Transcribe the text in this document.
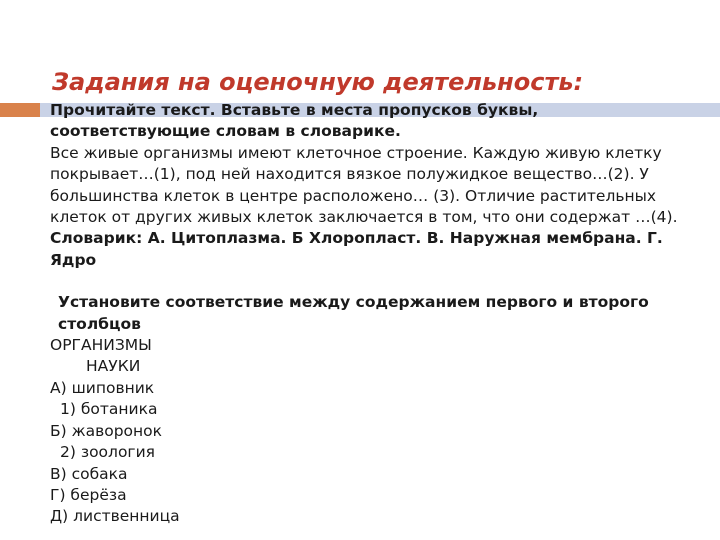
Задания на оценочную деятельность:

Прочитайте текст. Вставьте в места пропусков буквы, соответствующие словам в словарике.

Все живые организмы имеют клеточное строение. Каждую живую клетку покрывает…(1), под ней находится вязкое полужидкое вещество…(2). У большинства клеток в центре расположено… (3). Отличие растительных клеток от других живых клеток заключается в том, что они содержат …(4).

Словарик: А. Цитоплазма. Б Хлоропласт. В. Наружная мембрана. Г. Ядро

Установите соответствие между содержанием первого и второго столбцов

ОРГАНИЗМЫ

НАУКИ

А) шиповник

1) ботаника

Б) жаворонок

2) зоология

В) собака

Г) берёза

Д) лиственница
